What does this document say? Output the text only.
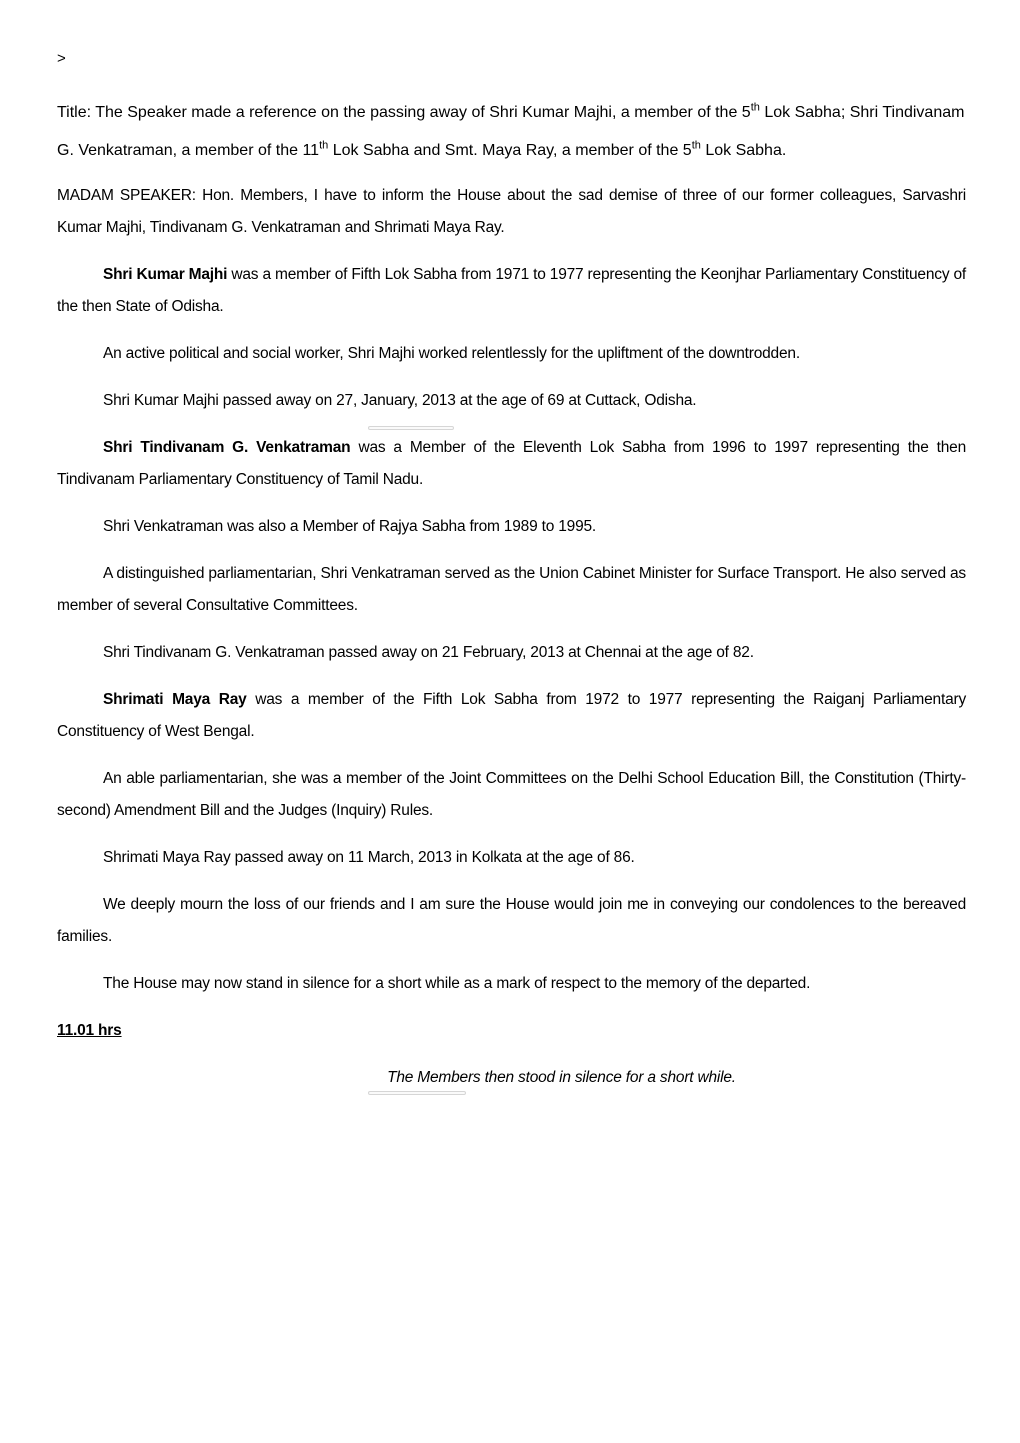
>

Title: The Speaker made a reference on the passing away of Shri Kumar Majhi, a member of the 5th Lok Sabha; Shri Tindivanam G. Venkatraman, a member of the 11th Lok Sabha and Smt. Maya Ray, a member of the 5th Lok Sabha.

MADAM SPEAKER: Hon. Members, I have to inform the House about the sad demise of three of our former colleagues, Sarvashri Kumar Majhi, Tindivanam G. Venkatraman and Shrimati Maya Ray.

Shri Kumar Majhi was a member of Fifth Lok Sabha from 1971 to 1977 representing the Keonjhar Parliamentary Constituency of the then State of Odisha.

An active political and social worker, Shri Majhi worked relentlessly for the upliftment of the downtrodden.

Shri Kumar Majhi passed away on 27, January, 2013 at the age of 69 at Cuttack, Odisha.

Shri Tindivanam G. Venkatraman was a Member of the Eleventh Lok Sabha from 1996 to 1997 representing the then Tindivanam Parliamentary Constituency of Tamil Nadu.

Shri Venkatraman was also a Member of Rajya Sabha from 1989 to 1995.

A distinguished parliamentarian, Shri Venkatraman served as the Union Cabinet Minister for Surface Transport. He also served as member of several Consultative Committees.

Shri Tindivanam G. Venkatraman passed away on 21 February, 2013 at Chennai at the age of 82.

Shrimati Maya Ray was a member of the Fifth Lok Sabha from 1972 to 1977 representing the Raiganj Parliamentary Constituency of West Bengal.

An able parliamentarian, she was a member of the Joint Committees on the Delhi School Education Bill, the Constitution (Thirty-second) Amendment Bill and the Judges (Inquiry) Rules.

Shrimati Maya Ray passed away on 11 March, 2013 in Kolkata at the age of 86.

We deeply mourn the loss of our friends and I am sure the House would join me in conveying our condolences to the bereaved families.

The House may now stand in silence for a short while as a mark of respect to the memory of the departed.

11.01 hrs

The Members then stood in silence for a short while.
